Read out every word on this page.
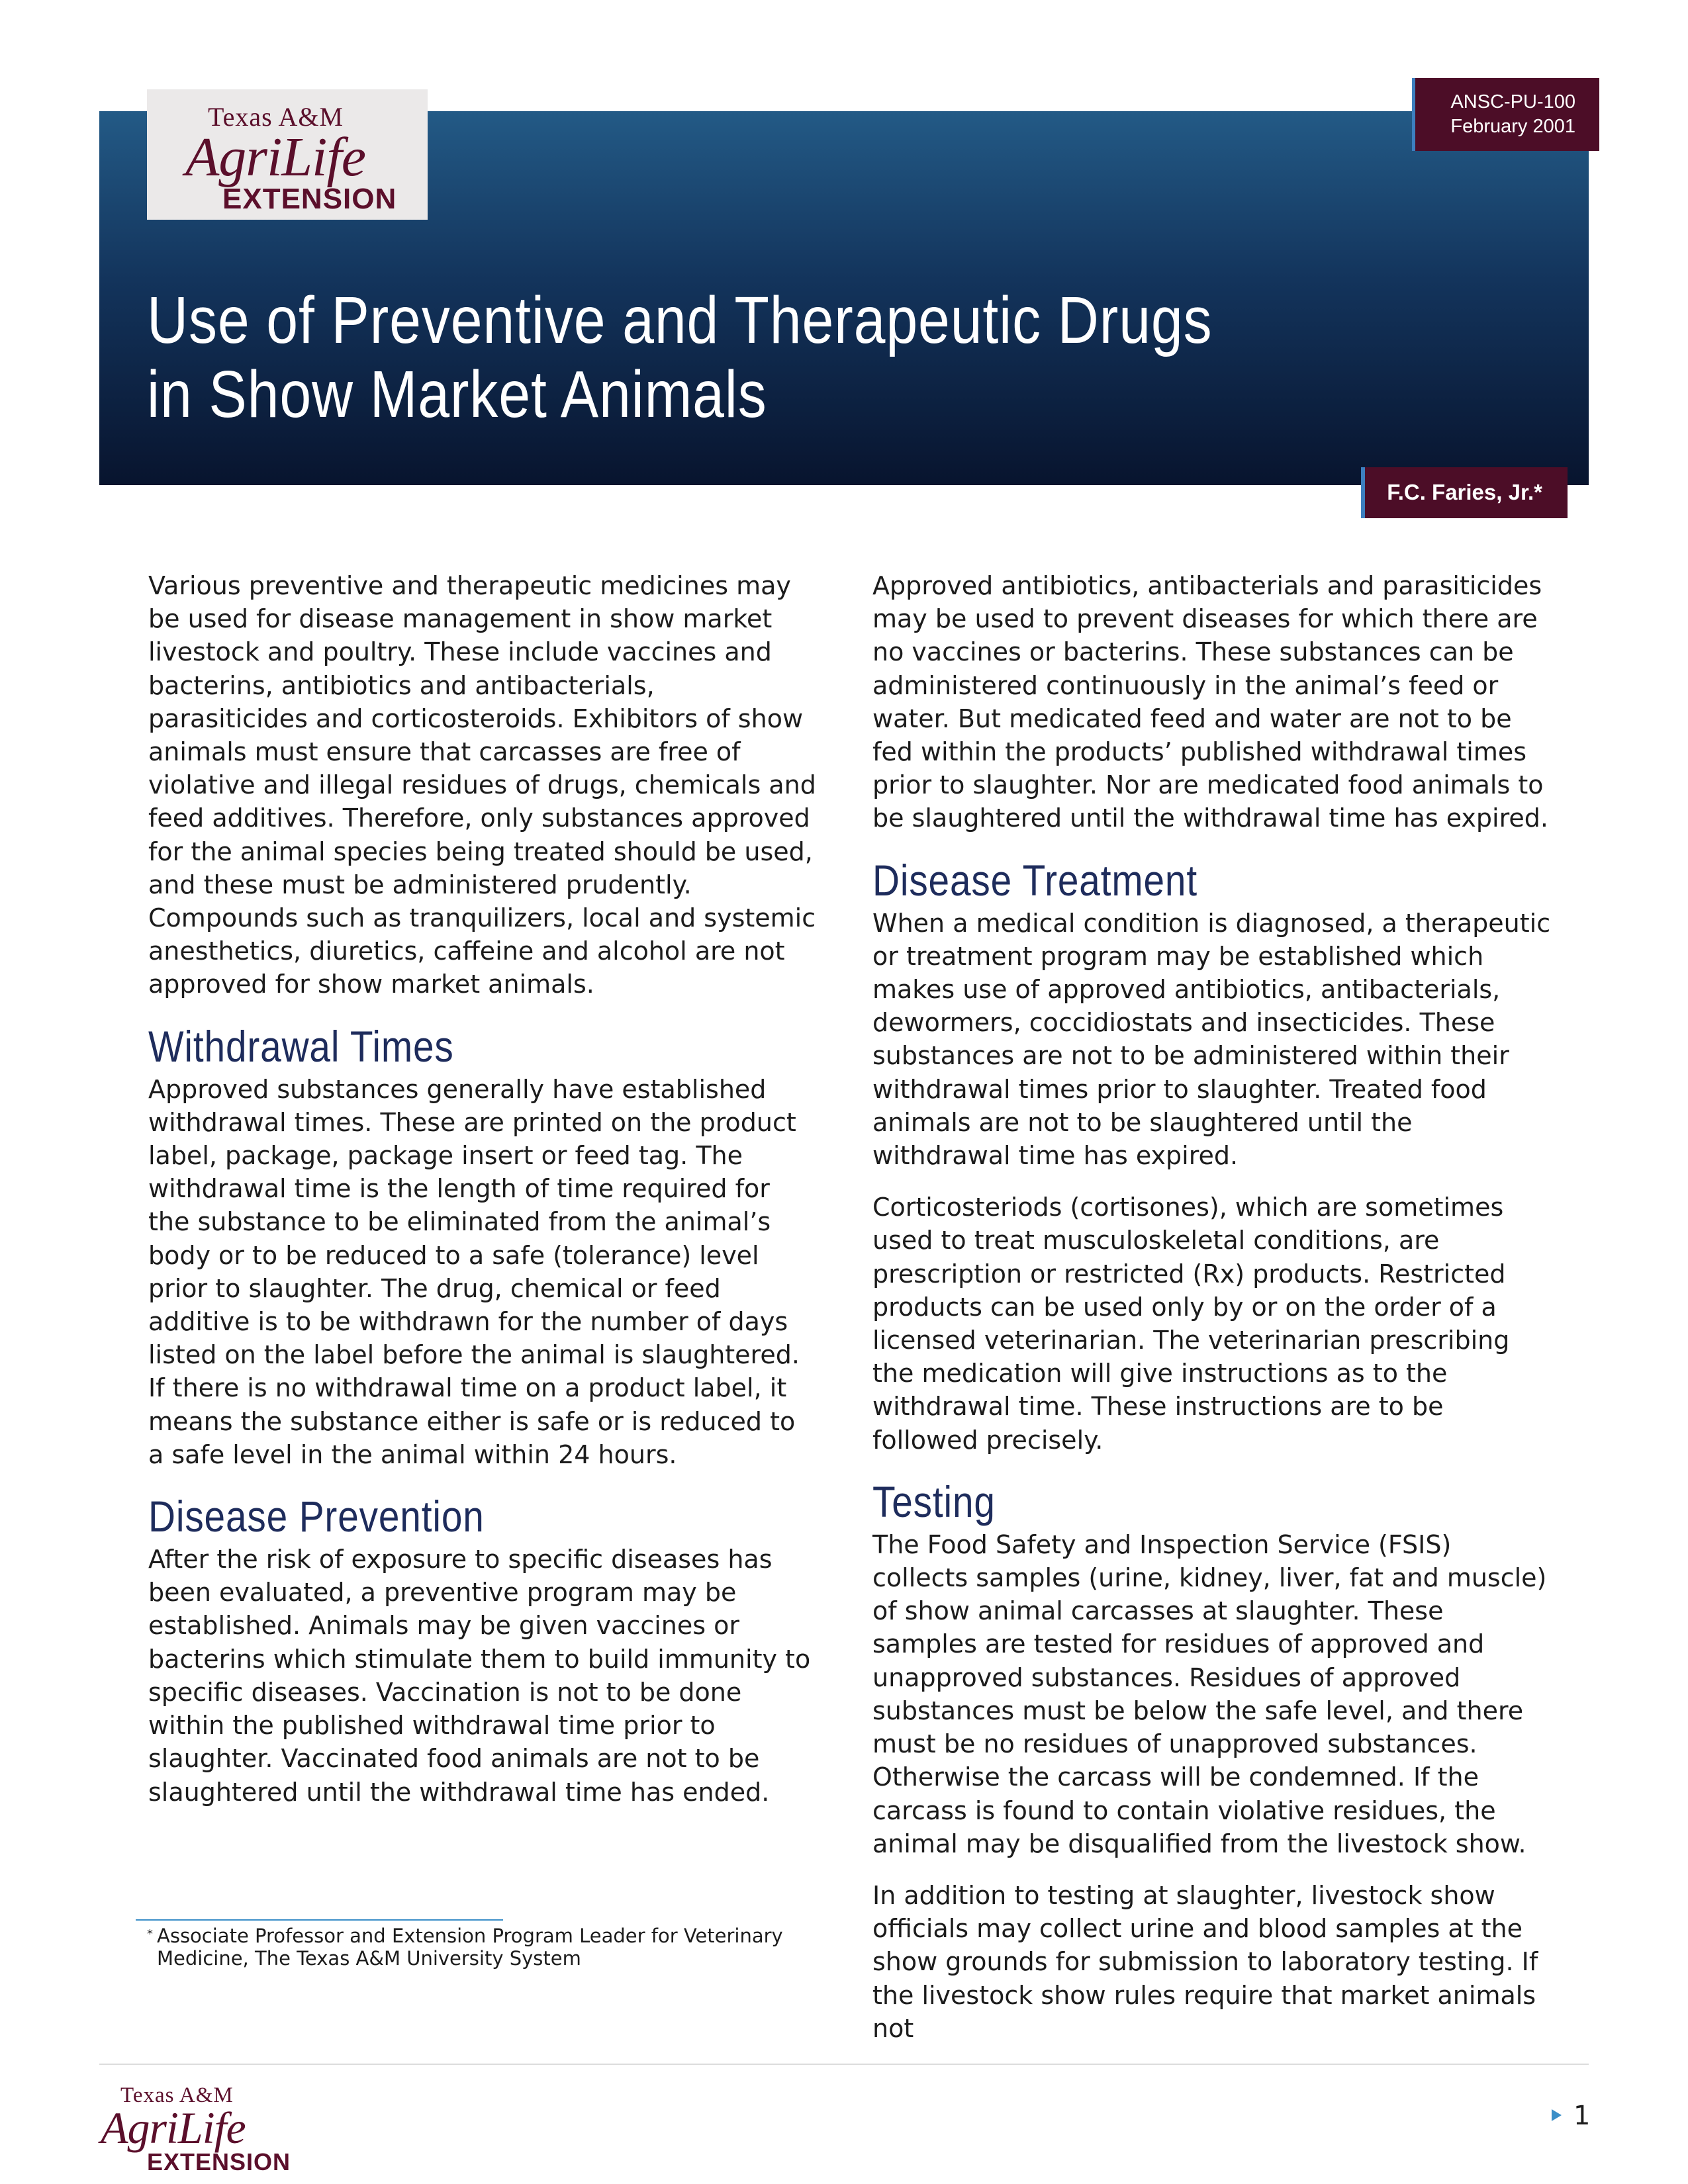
Texas A&M
AgriLife
EXTENSION
ANSC-PU-100
February 2001
Use of Preventive and Therapeutic Drugs
in Show Market Animals
F.C. Faries, Jr.*

Various preventive and therapeutic medicines may be used for disease management in show market livestock and poultry. These include vaccines and bacterins, antibiotics and antibacterials, parasiticides and corticosteroids. Exhibitors of show animals must ensure that carcasses are free of violative and illegal residues of drugs, chemicals and feed additives. Therefore, only substances approved for the animal species being treated should be used, and these must be administered prudently. Compounds such as tranquilizers, local and systemic anesthetics, diuretics, caffeine and alcohol are not approved for show market animals.

Withdrawal Times

Approved substances generally have established withdrawal times. These are printed on the product label, package, package insert or feed tag. The withdrawal time is the length of time required for the substance to be eliminated from the animal’s body or to be reduced to a safe (tolerance) level prior to slaughter. The drug, chemical or feed additive is to be withdrawn for the number of days listed on the label before the animal is slaughtered. If there is no withdrawal time on a product label, it means the substance either is safe or is reduced to a safe level in the animal within 24 hours.

Disease Prevention

After the risk of exposure to specific diseases has been evaluated, a preventive program may be established. Animals may be given vaccines or bacterins which stimulate them to build immunity to specific diseases. Vaccination is not to be done within the published withdrawal time prior to slaughter. Vaccinated food animals are not to be slaughtered until the withdrawal time has ended.

Approved antibiotics, antibacterials and parasiticides may be used to prevent diseases for which there are no vaccines or bacterins. These substances can be administered continuously in the animal’s feed or water. But medicated feed and water are not to be fed within the products’ published withdrawal times prior to slaughter. Nor are medicated food animals to be slaughtered until the withdrawal time has expired.

Disease Treatment

When a medical condition is diagnosed, a therapeutic or treatment program may be established which makes use of approved antibiotics, antibacterials, dewormers, coccidiostats and insecticides. These substances are not to be administered within their withdrawal times prior to slaughter. Treated food animals are not to be slaughtered until the withdrawal time has expired.

Corticosteriods (cortisones), which are sometimes used to treat musculoskeletal conditions, are prescription or restricted (Rx) products. Restricted products can be used only by or on the order of a licensed veterinarian. The veterinarian prescribing the medication will give instructions as to the withdrawal time. These instructions are to be followed precisely.

Testing

The Food Safety and Inspection Service (FSIS) collects samples (urine, kidney, liver, fat and muscle) of show animal carcasses at slaughter. These samples are tested for residues of approved and unapproved substances. Residues of approved substances must be below the safe level, and there must be no residues of unapproved substances. Otherwise the carcass will be condemned. If the carcass is found to contain violative residues, the animal may be disqualified from the livestock show.

In addition to testing at slaughter, livestock show officials may collect urine and blood samples at the show grounds for submission to laboratory testing. If the livestock show rules require that market animals not

* Associate Professor and Extension Program Leader for Veterinary Medicine, The Texas A&M University System
Texas A&M
AgriLife
EXTENSION
1
